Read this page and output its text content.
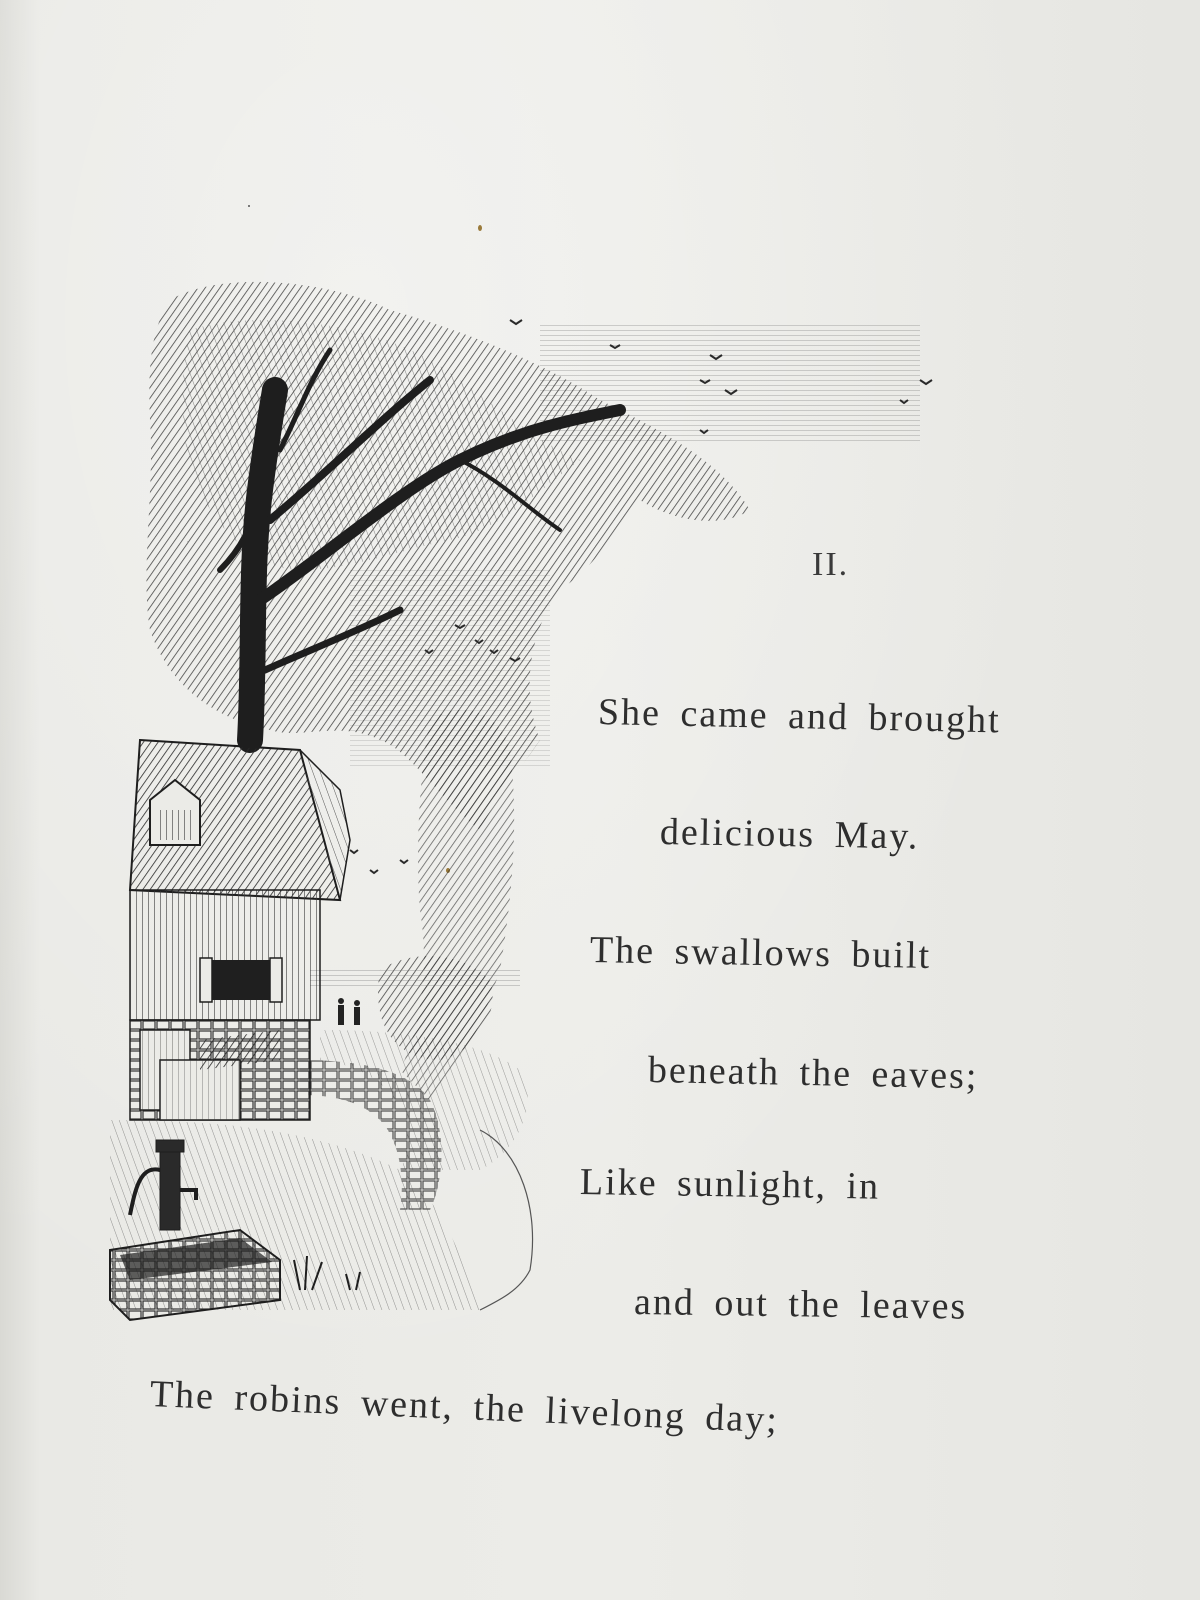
II.
She came and brought
delicious May.
The swallows built
beneath the eaves;
Like sunlight, in
and out the leaves
The robins went, the livelong day;
